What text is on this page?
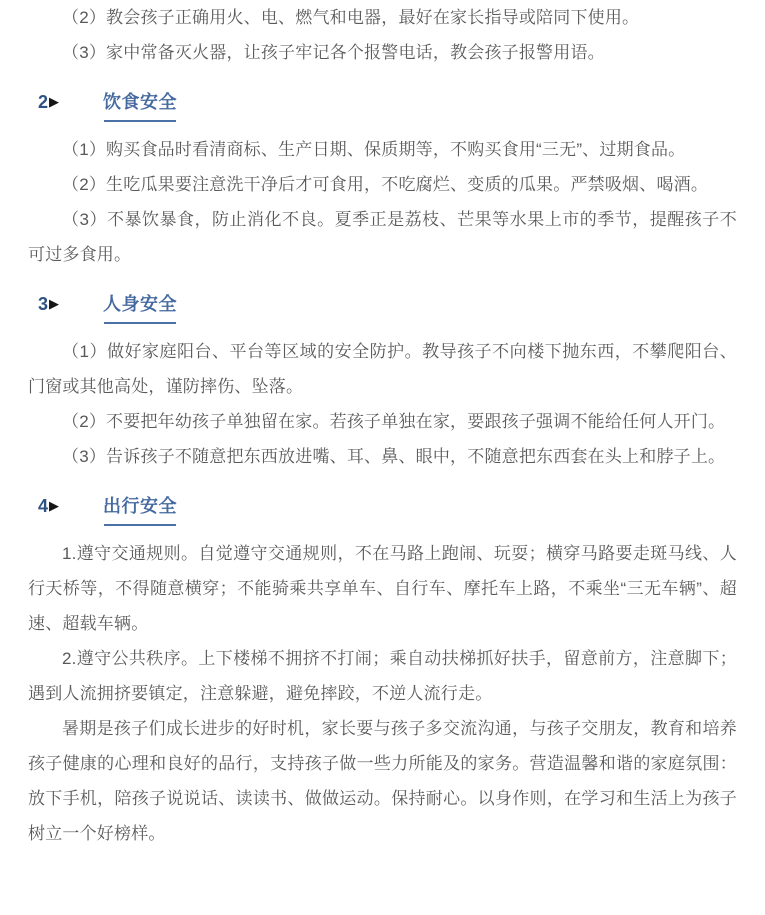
（2）教会孩子正确用火、电、燃气和电器，最好在家长指导或陪同下使用。

（3）家中常备灭火器，让孩子牢记各个报警电话，教会孩子报警用语。

2 ▶ 饮食安全

（1）购买食品时看清商标、生产日期、保质期等，不购买食用“三无”、过期食品。

（2）生吃瓜果要注意洗干净后才可食用，不吃腐烂、变质的瓜果。严禁吸烟、喝酒。

（3）不暴饮暴食，防止消化不良。夏季正是荔枝、芒果等水果上市的季节，提醒孩子不可过多食用。

3 ▶ 人身安全

（1）做好家庭阳台、平台等区域的安全防护。教导孩子不向楼下抛东西，不攀爬阳台、门窗或其他高处，谨防摔伤、坠落。

（2）不要把年幼孩子单独留在家。若孩子单独在家，要跟孩子强调不能给任何人开门。

（3）告诉孩子不随意把东西放进嘴、耳、鼻、眼中，不随意把东西套在头上和脖子上。

4 ▶ 出行安全

1.遵守交通规则。自觉遵守交通规则，不在马路上跑闹、玩耍；横穿马路要走斑马线、人行天桥等，不得随意横穿；不能骑乘共享单车、自行车、摩托车上路，不乘坐“三无车辆”、超速、超载车辆。

2.遵守公共秩序。上下楼梯不拥挤不打闹；乘自动扶梯抓好扶手，留意前方，注意脚下；遇到人流拥挤要镇定，注意躲避，避免摔跤，不逆人流行走。

暑期是孩子们成长进步的好时机，家长要与孩子多交流沟通，与孩子交朋友，教育和培养孩子健康的心理和良好的品行，支持孩子做一些力所能及的家务。营造温馨和谐的家庭氛围：放下手机，陪孩子说说话、读读书、做做运动。保持耐心。以身作则，在学习和生活上为孩子树立一个好榜样。
